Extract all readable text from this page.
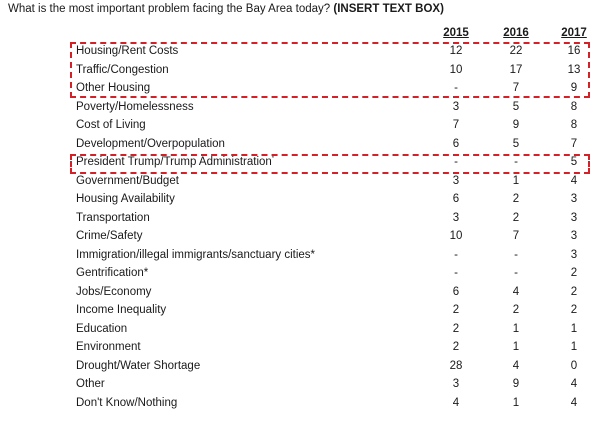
What is the most important problem facing the Bay Area today? (INSERT TEXT BOX)
2015	2016	2017
Housing/Rent Costs	12	22	16
Traffic/Congestion	10	17	13
Other Housing	-	7	9
Poverty/Homelessness	3	5	8
Cost of Living	7	9	8
Development/Overpopulation	6	5	7
President Trump/Trump Administration*	-	-	5
Government/Budget	3	1	4
Housing Availability	6	2	3
Transportation	3	2	3
Crime/Safety	10	7	3
Immigration/illegal immigrants/sanctuary cities*	-	-	3
Gentrification*	-	-	2
Jobs/Economy	6	4	2
Income Inequality	2	2	2
Education	2	1	1
Environment	2	1	1
Drought/Water Shortage	28	4	0
Other	3	9	4
Don't Know/Nothing	4	1	4
